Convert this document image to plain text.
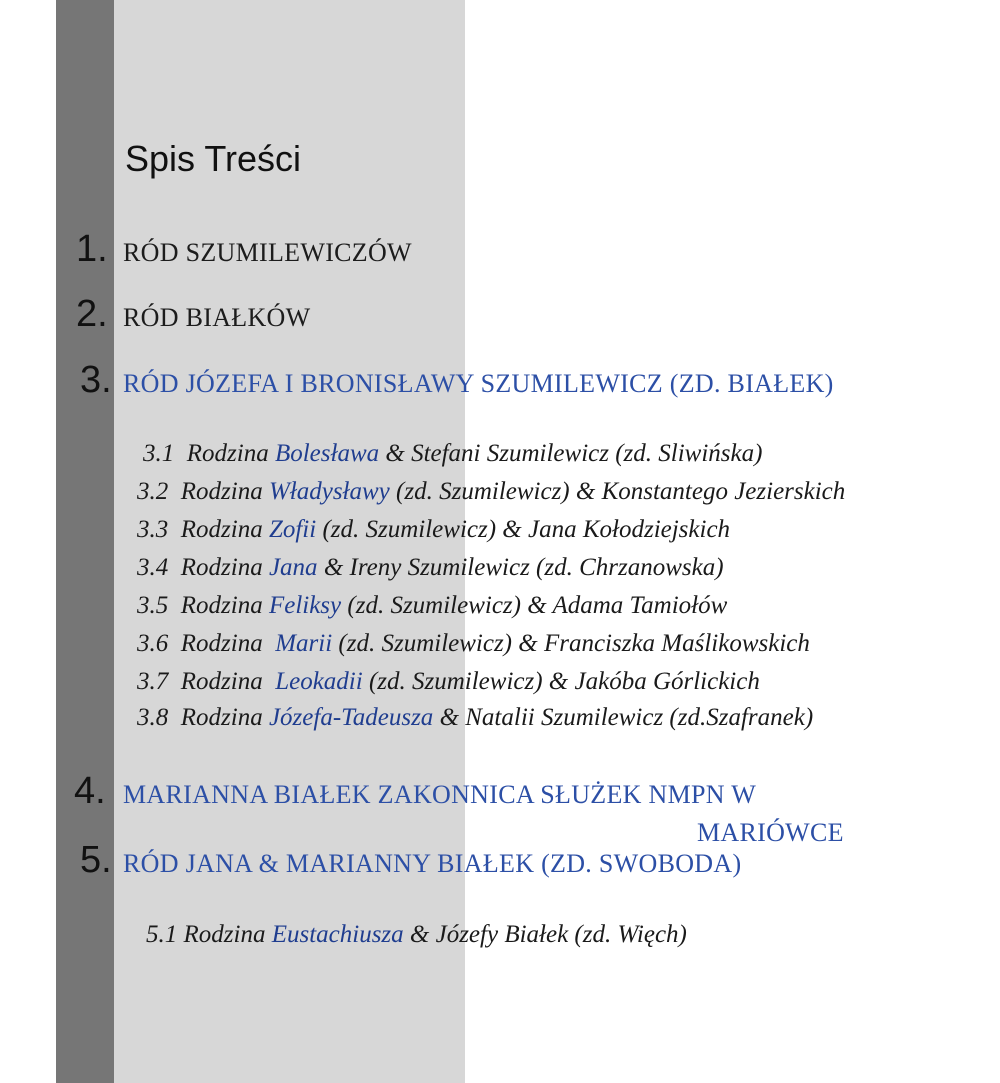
Spis Treści
1. RÓD SZUMILEWICZÓW
2. RÓD BIAŁKÓW
3. RÓD JÓZEFA I BRONISŁAWY SZUMILEWICZ (ZD. BIAŁEK)
3.1 Rodzina Bolesława & Stefani Szumilewicz (zd. Sliwińska)
3.2 Rodzina Władysławy (zd. Szumilewicz) & Konstantego Jezierskich
3.3 Rodzina Zofii (zd. Szumilewicz) & Jana Kołodziejskich
3.4 Rodzina Jana & Ireny Szumilewicz (zd. Chrzanowska)
3.5 Rodzina Feliksy (zd. Szumilewicz) & Adama Tamiołów
3.6 Rodzina Marii (zd. Szumilewicz) & Franciszka Maślikowskich
3.7 Rodzina Leokadii (zd. Szumilewicz) & Jakóba Górlickich
3.8 Rodzina Józefa-Tadeusza & Natalii Szumilewicz (zd.Szafranek)
4. MARIANNA BIAŁEK ZAKONNICA SŁUŻEK NMPN W
MARIÓWCE
5. RÓD JANA & MARIANNY BIAŁEK (ZD. SWOBODA)
5.1 Rodzina Eustachiusza & Józefy Białek (zd. Więch)
